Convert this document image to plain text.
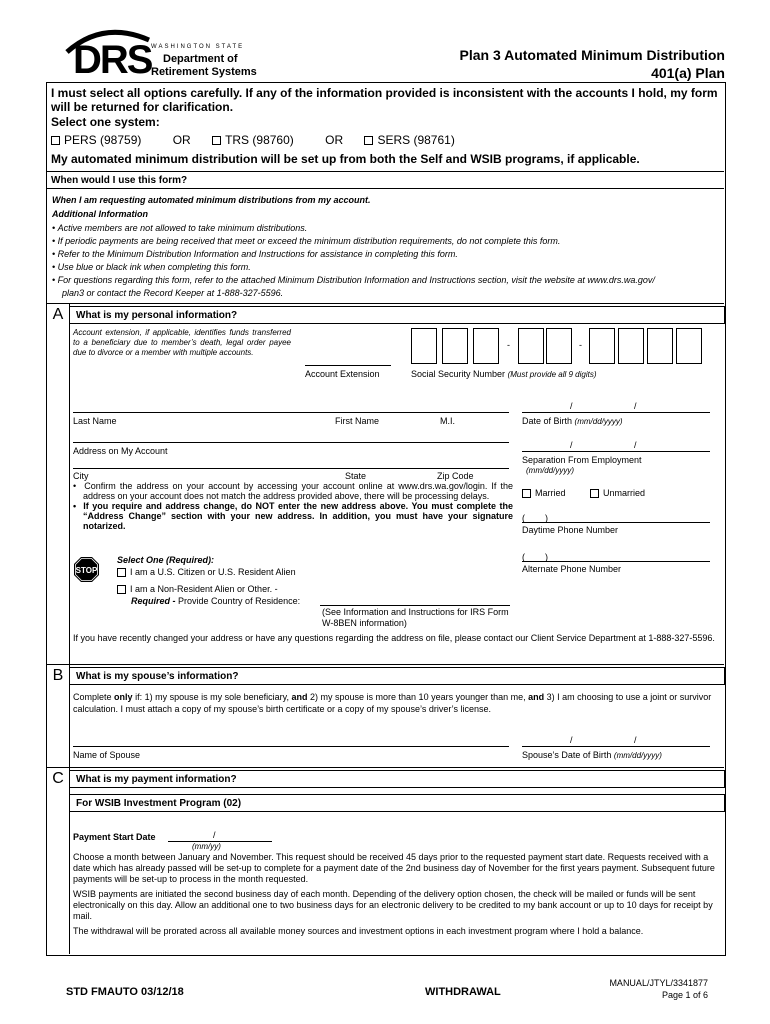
DRS WASHINGTON STATE
Department of
Retirement Systems
Plan 3 Automated Minimum Distribution
401(a) Plan
I must select all options carefully. If any of the information provided is inconsistent with the accounts I hold, my form will be returned for clarification.
Select one system:
PERS (98759)	OR	TRS (98760)	OR	SERS (98761)
My automated minimum distribution will be set up from both the Self and WSIB programs, if applicable.
When would I use this form?
When I am requesting automated minimum distributions from my account.
Additional Information
• Active members are not allowed to take minimum distributions.
• If periodic payments are being received that meet or exceed the minimum distribution requirements, do not complete this form.
• Refer to the Minimum Distribution Information and Instructions for assistance in completing this form.
• Use blue or black ink when completing this form.
• For questions regarding this form, refer to the attached Minimum Distribution Information and Instructions section, visit the website at www.drs.wa.gov/
plan3 or contact the Record Keeper at 1-888-327-5596.
A	What is my personal information?
Account extension, if applicable, identifies funds transferred to a beneficiary due to member’s death, legal order payee due to divorce or a member with multiple accounts.
Account Extension
-	-
Social Security Number (Must provide all 9 digits)
Last Name	First Name	M.I.
/	/
Date of Birth (mm/dd/yyyy)
Address on My Account
/	/
Separation From Employment
(mm/dd/yyyy)
City	State	Zip Code
Married	Unmarried
•  Confirm the address on your account by accessing your account online at www.drs.wa.gov/login. If the address on your account does not match the address provided above, there will be processing delays.
•  If you require and address change, do NOT enter the new address above. You must complete the “Address Change” section with your new address. In addition, you must have your signature notarized.
(        )
Daytime Phone Number
STOP
Select One (Required):
I am a U.S. Citizen or U.S. Resident Alien
I am a Non-Resident Alien or Other. -
Required - Provide Country of Residence:
(See Information and Instructions for IRS Form W-8BEN information)
(        )
Alternate Phone Number
If you have recently changed your address or have any questions regarding the address on file, please contact our Client Service Department at 1-888-327-5596.
B	What is my spouse’s information?
Complete only if: 1) my spouse is my sole beneficiary, and 2) my spouse is more than 10 years younger than me, and 3) I am choosing to use a joint or survivor calculation. I must attach a copy of my spouse’s birth certificate or a copy of my spouse’s driver’s license.
Name of Spouse
/	/
Spouse’s Date of Birth (mm/dd/yyyy)
C	What is my payment information?
For WSIB Investment Program (02)
Payment Start Date	/
(mm/yy)

Choose a month between January and November. This request should be received 45 days prior to the requested payment start date. Requests received with a date which has already passed will be set-up to complete for a payment date of the 2nd business day of November for the first years payment. Subsequent future payments will be set-up to process in the month requested.

WSIB payments are initiated the second business day of each month. Depending of the delivery option chosen, the check will be mailed or funds will be sent electronically on this day. Allow an additional one to two business days for an electronic delivery to be credited to my bank account or up to 10 days for receipt by mail.

The withdrawal will be prorated across all available money sources and investment options in each investment program where I hold a balance.

STD FMAUTO 03/12/18	WITHDRAWAL
MANUAL/JTYL/3341877
Page 1 of 6
